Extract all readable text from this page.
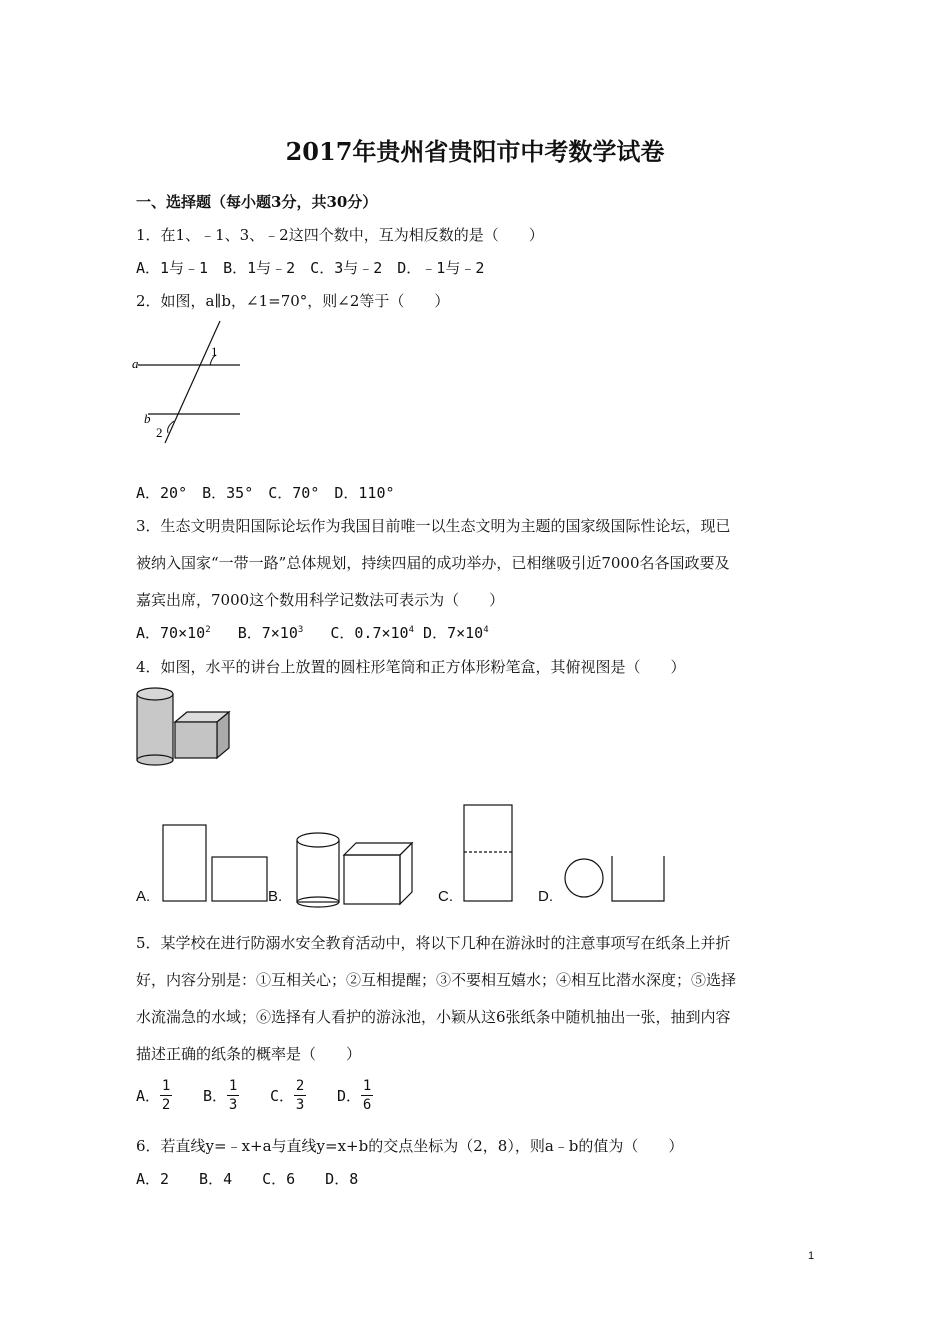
2017年贵州省贵阳市中考数学试卷
一、选择题（每小题3分，共30分）
1．在1、﹣1、3、﹣2这四个数中，互为相反数的是（　　）
A．1与﹣1　B．1与﹣2　C．3与﹣2　D．﹣1与﹣2
2．如图，a∥b，∠1=70°，则∠2等于（　　）
a
b
1
2
A．20°　B．35°　C．70°　D．110°
3．生态文明贵阳国际论坛作为我国目前唯一以生态文明为主题的国家级国际性论坛，现已
被纳入国家“一带一路”总体规划，持续四届的成功举办，已相继吸引近7000名各国政要及
嘉宾出席，7000这个数用科学记数法可表示为（　　）
A．$70\times 10^2$ B．$7\times 10^3$ C．$0.7\times 10^4$ D．$7\times 10^4$
4．如图，水平的讲台上放置的圆柱形笔筒和正方体形粉笔盒，其俯视图是（　　）
A.	B.	C.	D.
5．某学校在进行防溺水安全教育活动中，将以下几种在游泳时的注意事项写在纸条上并折
好，内容分别是：①互相关心；②互相提醒；③不要相互嬉水；④相互比潜水深度；⑤选择
水流湍急的水域；⑥选择有人看护的游泳池，小颖从这6张纸条中随机抽出一张，抽到内容
描述正确的纸条的概率是（　　）
A． $\frac{1}{2}$ B． $\frac{1}{3}$ C． $\frac{2}{3}$ D． $\frac{1}{6}$
6．若直线y=﹣x+a与直线y=x+b的交点坐标为（2，8），则a﹣b的值为（　　）
A．2　　B．4　　C．6　　D．8
1
